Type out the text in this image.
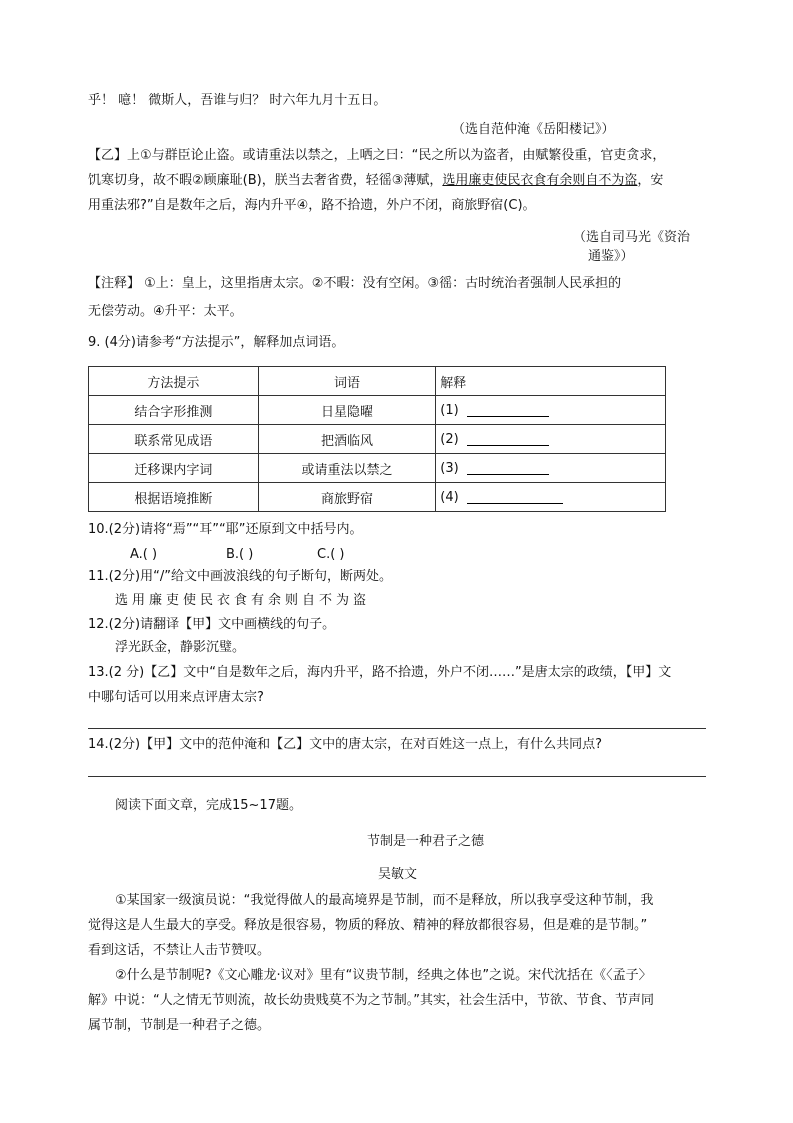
乎！ 噫！ 微斯人，吾谁与归？ 时六年九月十五日。
（选自范仲淹《岳阳楼记》）
【乙】上①与群臣论止盗。或请重法以禁之，上哂之曰：“民之所以为盗者，由赋繁役重，官吏贪求，
饥寒切身，故不暇②顾廉耻(B)，朕当去奢省费，轻徭③薄赋，选用廉吏使民衣食有余则自不为盗，安
用重法邪?”自是数年之后，海内升平④，路不拾遗，外户不闭，商旅野宿(C)。
（选自司马光《资治
通鉴》）
【注释】 ①上：皇上，这里指唐太宗。②不暇：没有空闲。③徭：古时统治者强制人民承担的
无偿劳动。④升平：太平。
9. (4分)请参考“方法提示”，解释加点词语。
方法提示	词语	解释
结合字形推测	日星隐曜	(1)
联系常见成语	把酒临风	(2)
迁移课内字词	或请重法以禁之	(3)
根据语境推断	商旅野宿	(4)
10.(2分)请将“焉”“耳”“耶”还原到文中括号内。
A.( )	B.( )	C.( )
11.(2分)用“/”给文中画波浪线的句子断句，断两处。
选用廉吏使民衣食有余则自不为盗
12.(2分)请翻译【甲】文中画横线的句子。
浮光跃金，静影沉璧。
13.(2 分)【乙】文中“自是数年之后，海内升平，路不拾遗，外户不闭……”是唐太宗的政绩，【甲】文
中哪句话可以用来点评唐太宗?
14.(2分)【甲】文中的范仲淹和【乙】文中的唐太宗，在对百姓这一点上，有什么共同点?
阅读下面文章，完成15~17题。
节制是一种君子之德
吴敏文
①某国家一级演员说：“我觉得做人的最高境界是节制，而不是释放，所以我享受这种节制，我
觉得这是人生最大的享受。释放是很容易，物质的释放、精神的释放都很容易，但是难的是节制。”
看到这话，不禁让人击节赞叹。
②什么是节制呢?《文心雕龙·议对》里有“议贵节制，经典之体也”之说。宋代沈括在《〈孟子〉
解》中说：“人之情无节则流，故长幼贵贱莫不为之节制。”其实，社会生活中，节欲、节食、节声同
属节制，节制是一种君子之德。
